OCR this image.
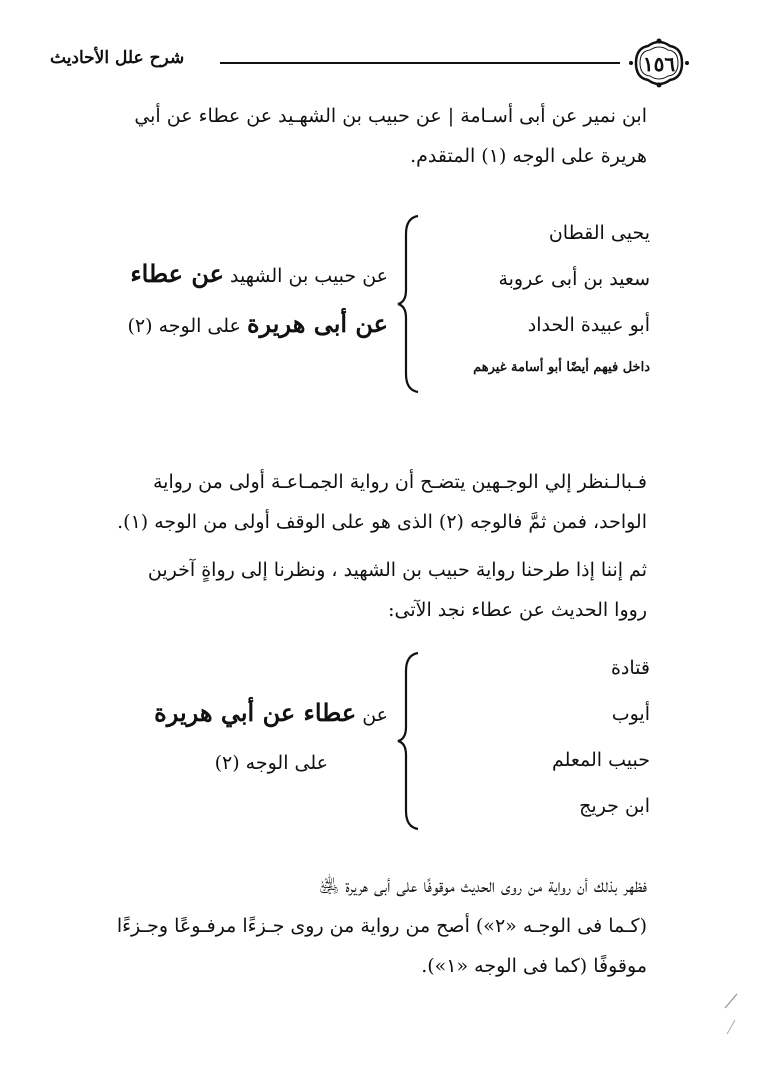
١٥٦
شرح علل الأحاديث
ابن نمير عن أبى أسـامة | عن حبيب بن الشهـيد عن عطاء عن أبي
هريرة على الوجه (١) المتقدم.
يحيى القطان
سعيد بن أبى عروبة
أبو عبيدة الحداد
داخل فيهم أيضًا أبو أسامة غيرهم
عن حبيب بن الشهيد عن عطاء
عن أبى هريرة على الوجه (٢)
فـبالـنظر إلي الوجـهين يتضـح أن رواية الجمـاعـة أولى من رواية
الواحد، فمن ثمَّ فالوجه (٢) الذى هو على الوقف أولى من الوجه (١).
ثم إننا إذا طرحنا رواية حبيب بن الشهيد ، ونظرنا إلى رواةٍ آخرين
رووا الحديث عن عطاء نجد الآتى:
قتادة
أيوب
حبيب المعلم
ابن جريج
عن عطاء عن أبي هريرة
على الوجه (٢)
فظهر بذلك أن رواية من روى الحديث موقوفًا على أبى هريرة ﵁
(كـما فى الوجـه «٢») أصح من رواية من روى جـزءًا مرفـوعًا وجـزءًا
موقوفًا (كما فى الوجه «١»).
